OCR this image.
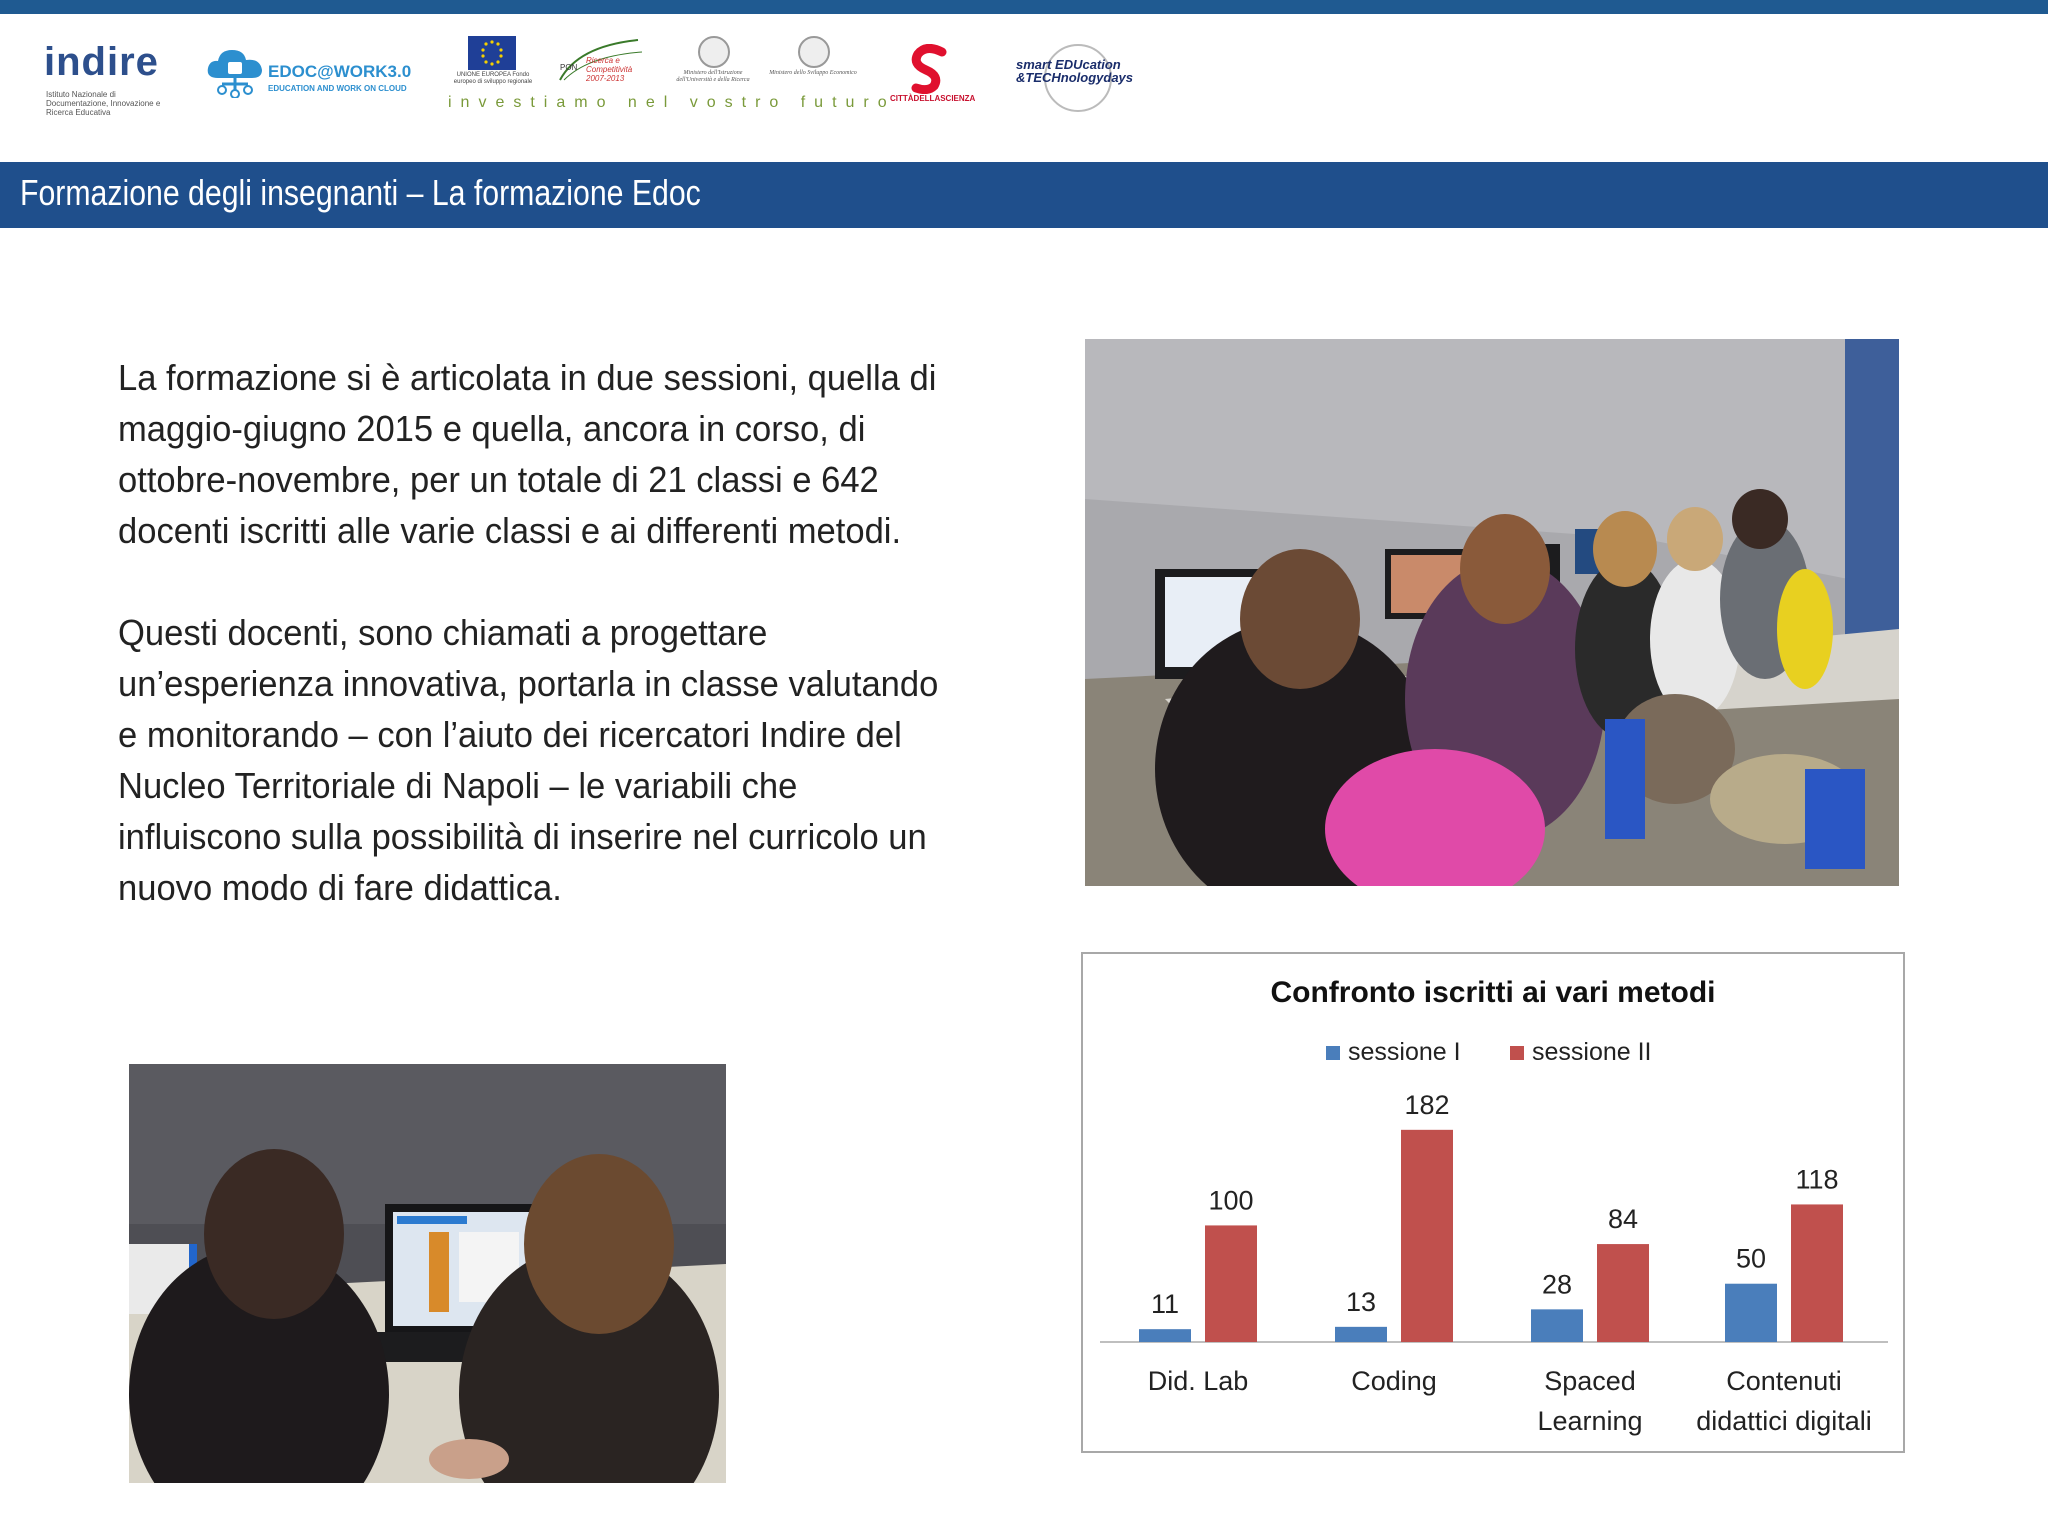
indire
Istituto Nazionale di Documentazione, Innovazione e Ricerca Educativa
EDOC@WORK3.0
EDUCATION AND WORK ON CLOUD
UNIONE EUROPEA Fondo europeo di sviluppo regionale
PON
Ricerca e Competitività 2007-2013
Ministero dell'Istruzione dell'Università e della Ricerca
Ministero dello Sviluppo Economico
investiamo nel vostro futuro
CITTÀDELLASCIENZA
smart EDUcation
&TECHnologydays
Formazione degli insegnanti – La formazione Edoc

La formazione si è articolata in due sessioni, quella di maggio-giugno 2015 e quella, ancora in corso, di ottobre-novembre, per un totale di 21 classi e 642 docenti iscritti alle varie classi e ai differenti metodi.

Questi docenti, sono chiamati a progettare un’esperienza innovativa, portarla in classe valutando e monitorando – con l’aiuto dei ricercatori Indire del Nucleo Territoriale di Napoli – le variabili che influiscono sulla possibilità di inserire nel curricolo un nuovo modo di fare didattica.

Confronto iscritti ai vari metodi
sessione I	sessione II
11
100
13
182
28
84
50
118
Did. Lab	Coding	Spaced
Learning
Contenuti
didattici digitali
